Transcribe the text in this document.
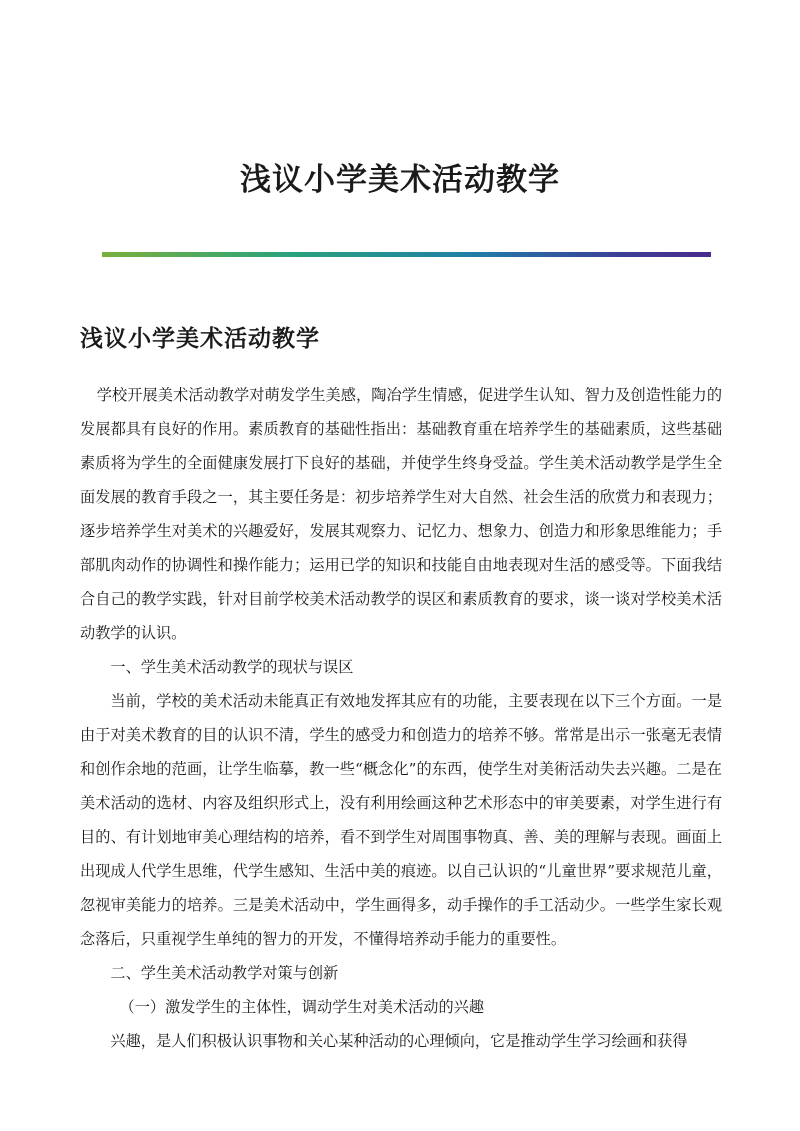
浅议小学美术活动教学
浅议小学美术活动教学

学校开展美术活动教学对萌发学生美感，陶冶学生情感，促进学生认知、智力及创造性能力的发展都具有良好的作用。素质教育的基础性指出：基础教育重在培养学生的基础素质，这些基础素质将为学生的全面健康发展打下良好的基础，并使学生终身受益。学生美术活动教学是学生全面发展的教育手段之一，其主要任务是：初步培养学生对大自然、社会生活的欣赏力和表现力；逐步培养学生对美术的兴趣爱好，发展其观察力、记忆力、想象力、创造力和形象思维能力；手部肌肉动作的协调性和操作能力；运用已学的知识和技能自由地表现对生活的感受等。下面我结合自己的教学实践，针对目前学校美术活动教学的误区和素质教育的要求，谈一谈对学校美术活动教学的认识。

一、学生美术活动教学的现状与误区

当前，学校的美术活动未能真正有效地发挥其应有的功能，主要表现在以下三个方面。一是由于对美术教育的目的认识不清，学生的感受力和创造力的培养不够。常常是出示一张毫无表情和创作余地的范画，让学生临摹，教一些“概念化”的东西，使学生对美術活动失去兴趣。二是在美术活动的选材、内容及组织形式上，没有利用绘画这种艺术形态中的审美要素，对学生进行有目的、有计划地审美心理结构的培养，看不到学生对周围事物真、善、美的理解与表现。画面上出现成人代学生思维，代学生感知、生活中美的痕迹。以自己认识的“儿童世界”要求规范儿童，忽视审美能力的培养。三是美术活动中，学生画得多，动手操作的手工活动少。一些学生家长观念落后，只重视学生单纯的智力的开发，不懂得培养动手能力的重要性。

二、学生美术活动教学对策与创新

（一）激发学生的主体性，调动学生对美术活动的兴趣

兴趣，是人们积极认识事物和关心某种活动的心理倾向，它是推动学生学习绘画和获得
